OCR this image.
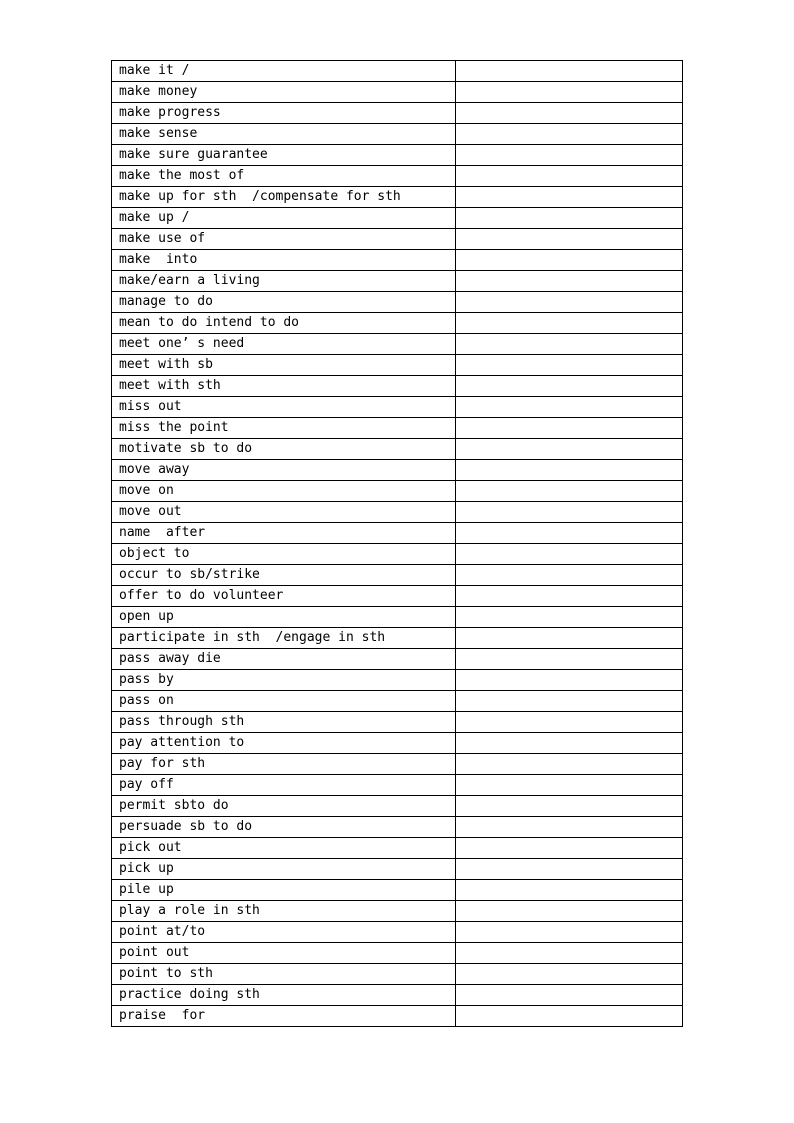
make it /	
make money	
make progress	
make sense	
make sure guarantee	
make the most of	
make up for sth  /compensate for sth	
make up /	
make use of	
make  into	
make/earn a living	
manage to do	
mean to do intend to do	
meet one’ s need	
meet with sb	
meet with sth	
miss out	
miss the point	
motivate sb to do	
move away	
move on	
move out	
name  after	
object to	
occur to sb/strike	
offer to do volunteer	
open up	
participate in sth  /engage in sth	
pass away die	
pass by	
pass on	
pass through sth	
pay attention to	
pay for sth	
pay off	
permit sbto do	
persuade sb to do	
pick out	
pick up	
pile up	
play a role in sth	
point at/to	
point out	
point to sth	
practice doing sth	
praise  for	
